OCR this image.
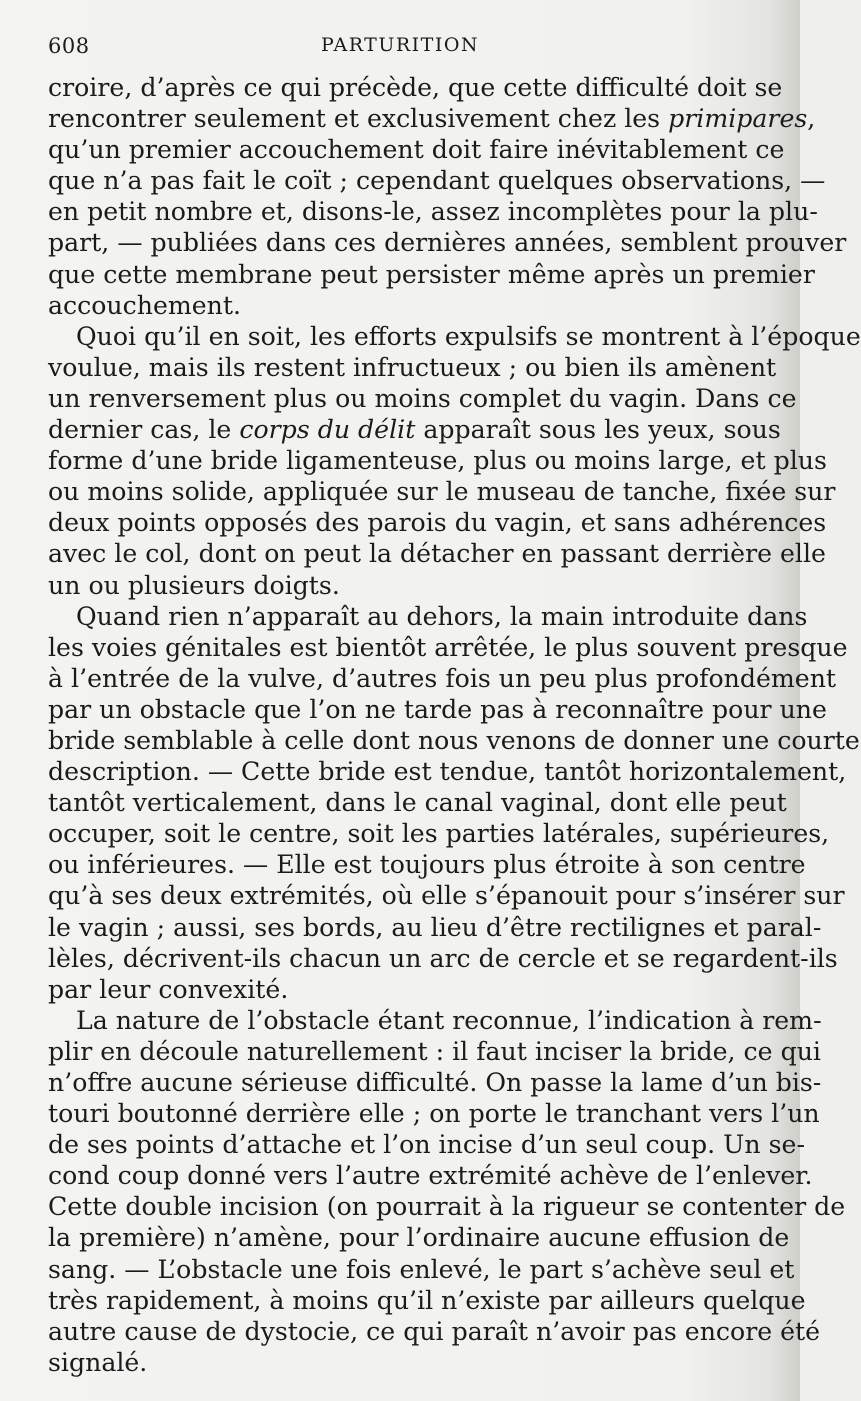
608	PARTURITION

croire, d’après ce qui précède, que cette difficulté doit se
rencontrer seulement et exclusivement chez les primipares,
qu’un premier accouchement doit faire inévitablement ce
que n’a pas fait le coït ; cependant quelques observations, —
en petit nombre et, disons-le, assez incomplètes pour la plu-
part, — publiées dans ces dernières années, semblent prouver
que cette membrane peut persister même après un premier
accouchement.

Quoi qu’il en soit, les efforts expulsifs se montrent à l’époque
voulue, mais ils restent infructueux ; ou bien ils amènent
un renversement plus ou moins complet du vagin. Dans ce
dernier cas, le corps du délit apparaît sous les yeux, sous
forme d’une bride ligamenteuse, plus ou moins large, et plus
ou moins solide, appliquée sur le museau de tanche, fixée sur
deux points opposés des parois du vagin, et sans adhérences
avec le col, dont on peut la détacher en passant derrière elle
un ou plusieurs doigts.

Quand rien n’apparaît au dehors, la main introduite dans
les voies génitales est bientôt arrêtée, le plus souvent presque
à l’entrée de la vulve, d’autres fois un peu plus profondément
par un obstacle que l’on ne tarde pas à reconnaître pour une
bride semblable à celle dont nous venons de donner une courte
description. — Cette bride est tendue, tantôt horizontalement,
tantôt verticalement, dans le canal vaginal, dont elle peut
occuper, soit le centre, soit les parties latérales, supérieures,
ou inférieures. — Elle est toujours plus étroite à son centre
qu’à ses deux extrémités, où elle s’épanouit pour s’insérer sur
le vagin ; aussi, ses bords, au lieu d’être rectilignes et paral-
lèles, décrivent-ils chacun un arc de cercle et se regardent-ils
par leur convexité.

La nature de l’obstacle étant reconnue, l’indication à rem-
plir en découle naturellement : il faut inciser la bride, ce qui
n’offre aucune sérieuse difficulté. On passe la lame d’un bis-
touri boutonné derrière elle ; on porte le tranchant vers l’un
de ses points d’attache et l’on incise d’un seul coup. Un se-
cond coup donné vers l’autre extrémité achève de l’enlever.
Cette double incision (on pourrait à la rigueur se contenter de
la première) n’amène, pour l’ordinaire aucune effusion de
sang. — L’obstacle une fois enlevé, le part s’achève seul et
très rapidement, à moins qu’il n’existe par ailleurs quelque
autre cause de dystocie, ce qui paraît n’avoir pas encore été
signalé.
